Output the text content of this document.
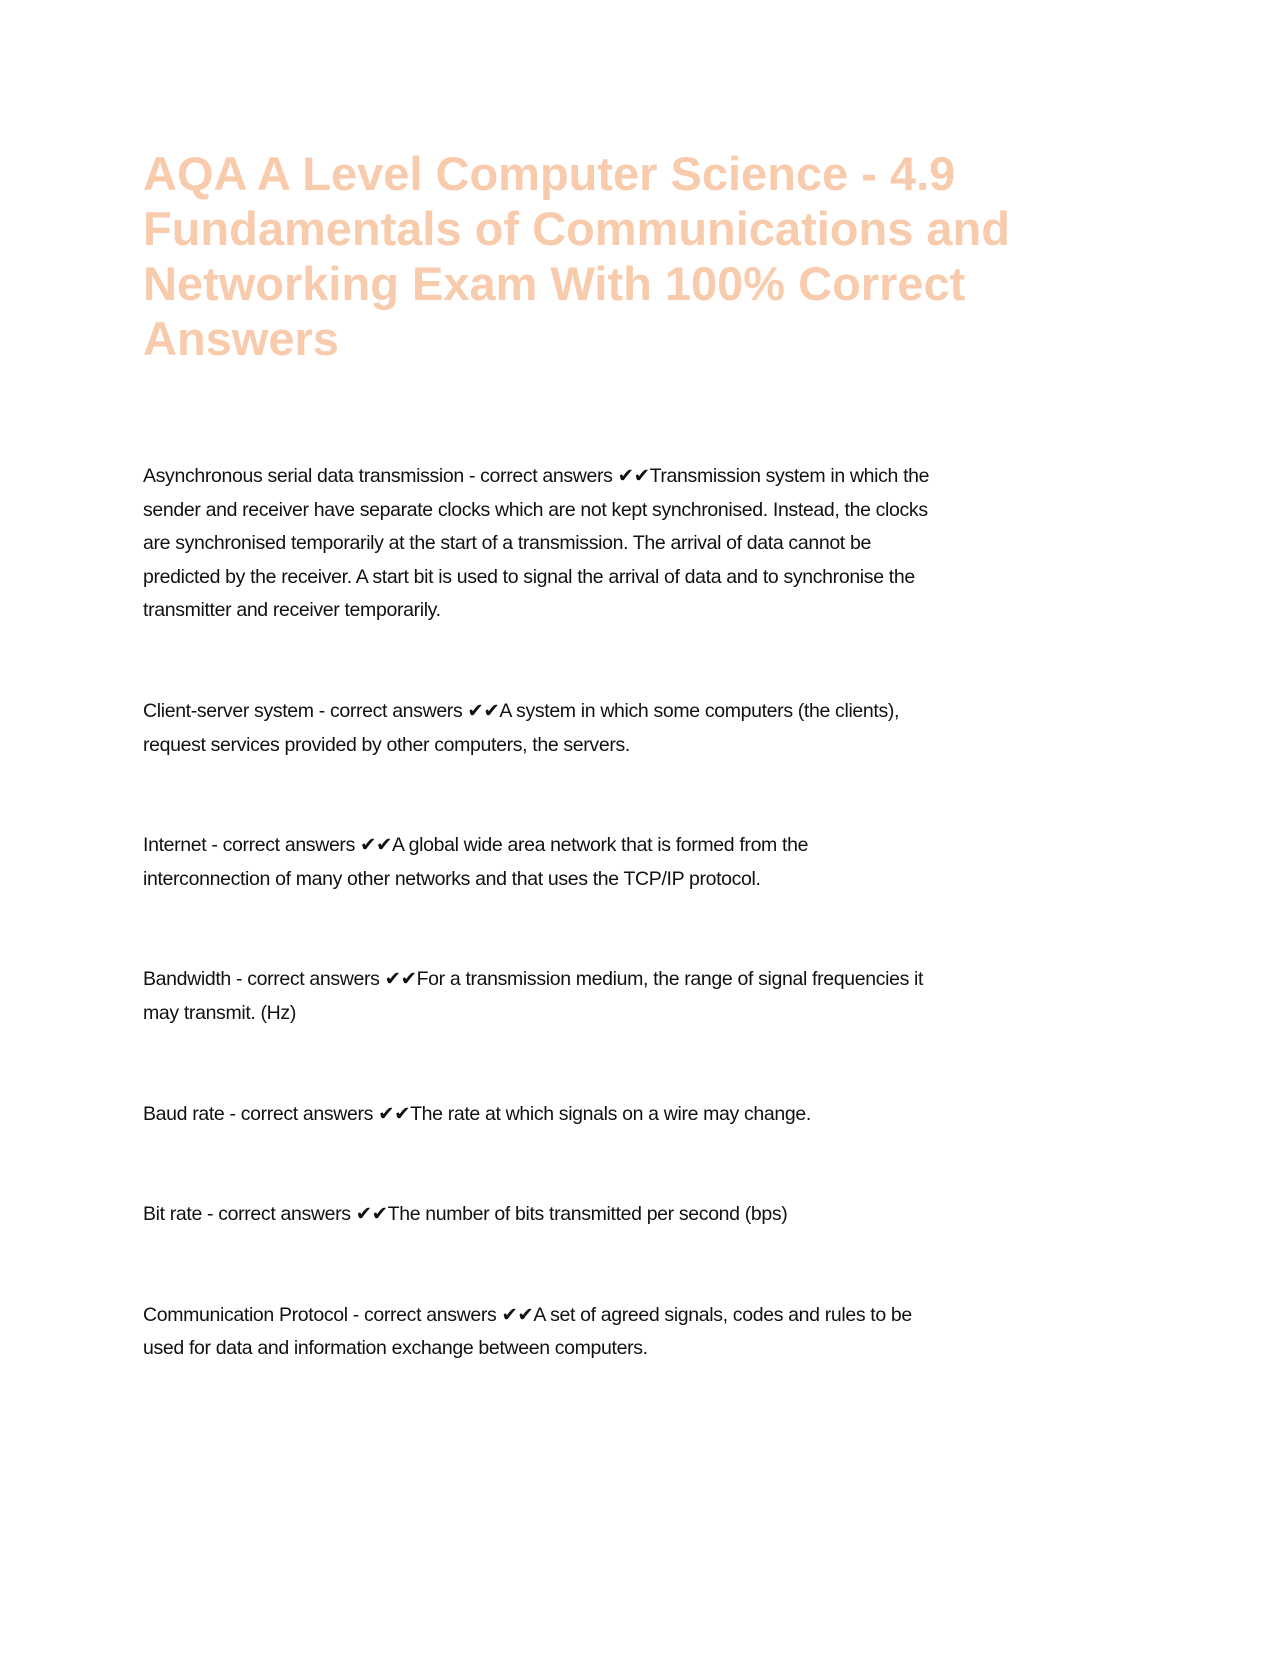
AQA A Level Computer Science - 4.9
Fundamentals of Communications and
Networking Exam With 100% Correct
Answers

Asynchronous serial data transmission - correct answers ✔✔Transmission system in which the
sender and receiver have separate clocks which are not kept synchronised. Instead, the clocks
are synchronised temporarily at the start of a transmission. The arrival of data cannot be
predicted by the receiver. A start bit is used to signal the arrival of data and to synchronise the
transmitter and receiver temporarily.

Client-server system - correct answers ✔✔A system in which some computers (the clients),
request services provided by other computers, the servers.

Internet - correct answers ✔✔A global wide area network that is formed from the
interconnection of many other networks and that uses the TCP/IP protocol.

Bandwidth - correct answers ✔✔For a transmission medium, the range of signal frequencies it
may transmit. (Hz)

Baud rate - correct answers ✔✔The rate at which signals on a wire may change.

Bit rate - correct answers ✔✔The number of bits transmitted per second (bps)

Communication Protocol - correct answers ✔✔A set of agreed signals, codes and rules to be
used for data and information exchange between computers.
